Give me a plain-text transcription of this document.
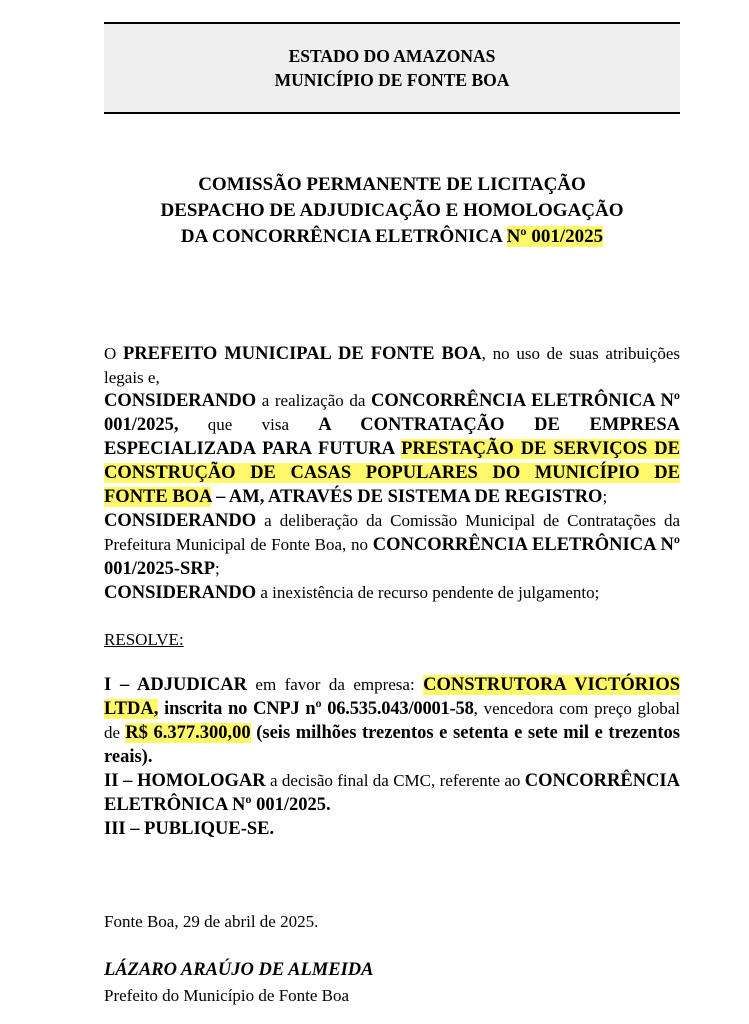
ESTADO DO AMAZONAS
MUNICÍPIO DE FONTE BOA
COMISSÃO PERMANENTE DE LICITAÇÃO
DESPACHO DE ADJUDICAÇÃO E HOMOLOGAÇÃO
DA CONCORRÊNCIA ELETRÔNICA Nº 001/2025

O PREFEITO MUNICIPAL DE FONTE BOA, no uso de suas atribuições legais e,

CONSIDERANDO a realização da CONCORRÊNCIA ELETRÔNICA Nº 001/2025, que visa A CONTRATAÇÃO DE EMPRESA ESPECIALIZADA PARA FUTURA PRESTAÇÃO DE SERVIÇOS DE CONSTRUÇÃO DE CASAS POPULARES DO MUNICÍPIO DE FONTE BOA – AM, ATRAVÉS DE SISTEMA DE REGISTRO;

CONSIDERANDO a deliberação da Comissão Municipal de Contratações da Prefeitura Municipal de Fonte Boa, no CONCORRÊNCIA ELETRÔNICA Nº 001/2025-SRP;

CONSIDERANDO a inexistência de recurso pendente de julgamento;

RESOLVE:

I – ADJUDICAR em favor da empresa: CONSTRUTORA VICTÓRIOS LTDA, inscrita no CNPJ nº 06.535.043/0001-58, vencedora com preço global de R$ 6.377.300,00 (seis milhões trezentos e setenta e sete mil e trezentos reais).

II – HOMOLOGAR a decisão final da CMC, referente ao CONCORRÊNCIA ELETRÔNICA Nº 001/2025.

III – PUBLIQUE-SE.

Fonte Boa, 29 de abril de 2025.
LÁZARO ARAÚJO DE ALMEIDA
Prefeito do Município de Fonte Boa
